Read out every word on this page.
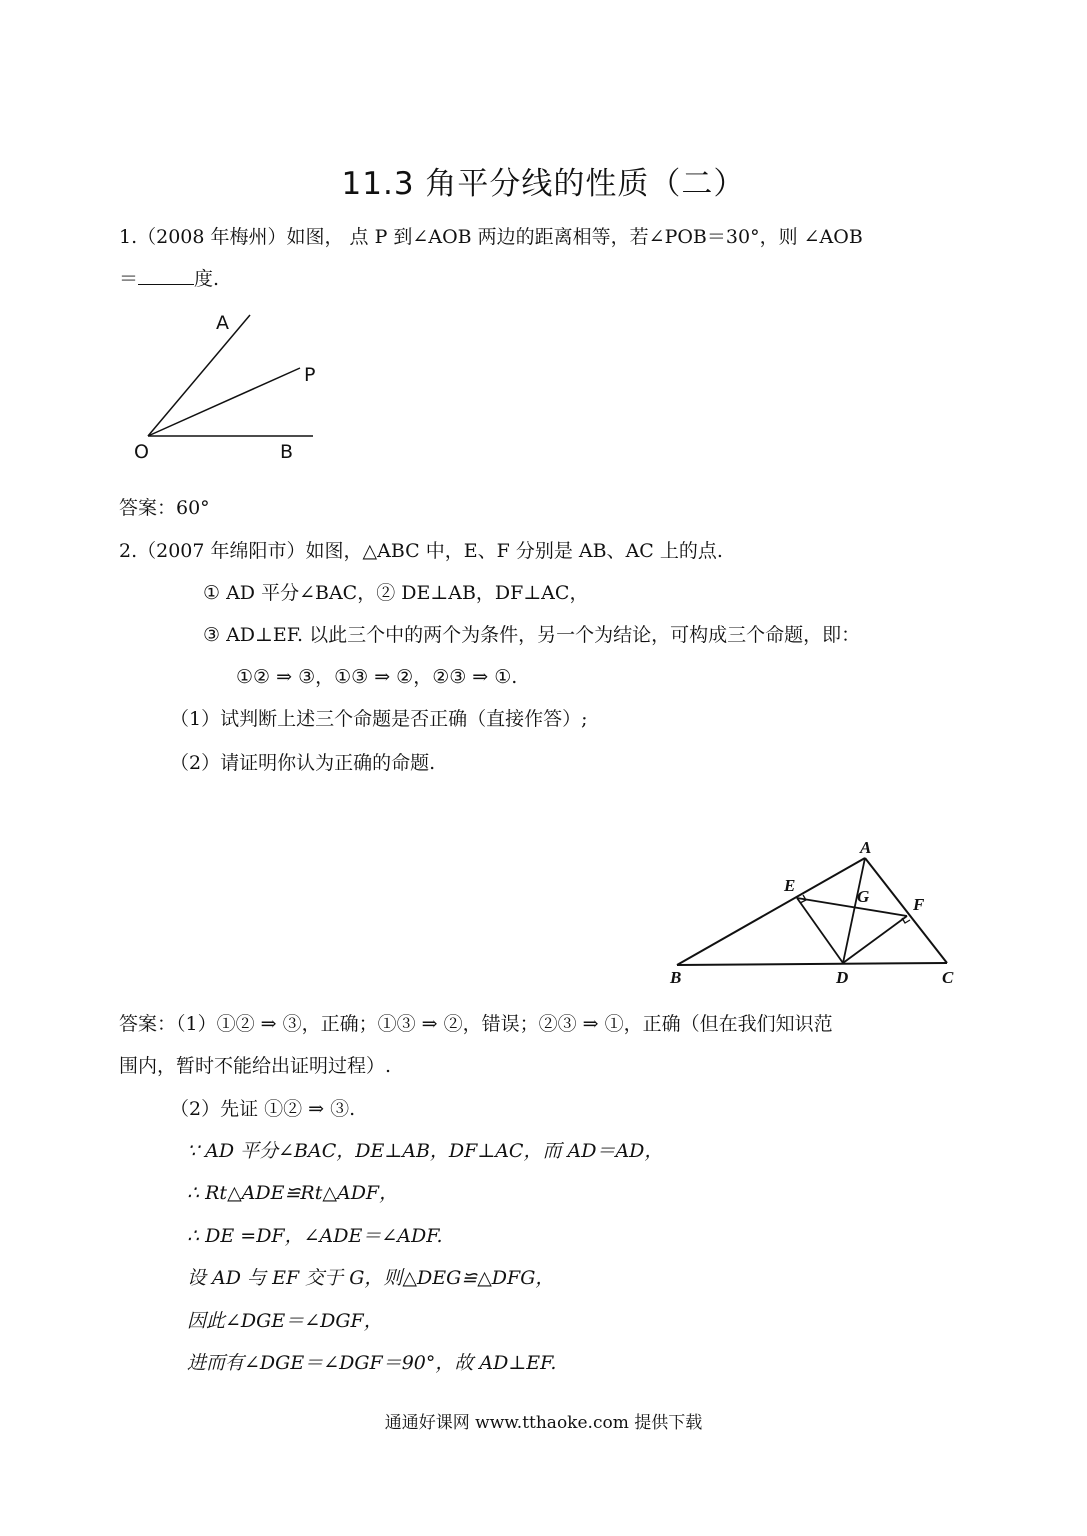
11.3 角平分线的性质（二）
1.（2008 年梅州）如图， 点 P 到∠AOB 两边的距离相等，若∠POB＝30°，则 ∠AOB
＝	度.
A
P
O	B
答案：60°
2.（2007 年绵阳市）如图，△ABC 中，E、F 分别是 AB、AC 上的点.
① AD 平分∠BAC，② DE⊥AB，DF⊥AC，
③ AD⊥EF. 以此三个中的两个为条件，另一个为结论，可构成三个命题，即：
①② ⇒ ③，①③ ⇒ ②，②③ ⇒ ①.
（1）试判断上述三个命题是否正确（直接作答）;
（2）请证明你认为正确的命题.
A
E
G	F
B	D	C
答案：（1）①② ⇒ ③，正确；①③ ⇒ ②，错误；②③ ⇒ ①，正确（但在我们知识范
围内，暂时不能给出证明过程）.
（2）先证 ①② ⇒ ③.
∵ AD 平分∠BAC，DE⊥AB，DF⊥AC，而 AD＝AD，
∴ Rt△ADE≌Rt△ADF，
∴ DE =DF，∠ADE＝∠ADF.
设 AD 与 EF 交于 G，则△DEG≌△DFG，
因此∠DGE＝∠DGF，
进而有∠DGE＝∠DGF＝90°，故 AD⊥EF.
通通好课网 www.tthaoke.com 提供下载
